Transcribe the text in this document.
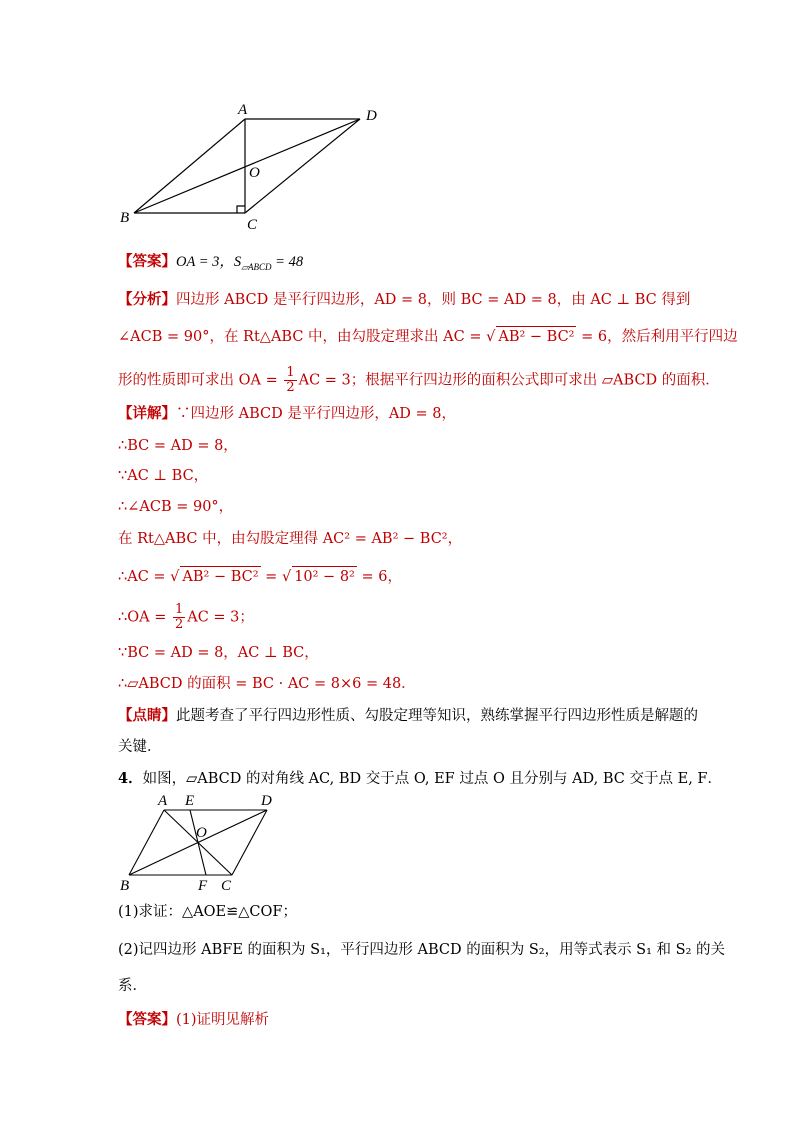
A	D
O
B	C
【答案】OA = 3，$S_{▱ABCD} = 48$
【分析】四边形 ABCD 是平行四边形，AD = 8，则 BC = AD = 8，由 AC ⊥ BC 得到
∠ACB = 90°，在 Rt△ABC 中，由勾股定理求出 AC = √ AB² − BC² = 6，然后利用平行四边
形的性质即可求出 OA = $\frac{1}{2}$ AC = 3；根据平行四边形的面积公式即可求出 ▱ABCD 的面积．
【详解】∵四边形 ABCD 是平行四边形，AD = 8，
∴BC = AD = 8，
∵AC ⊥ BC，
∴∠ACB = 90°，
在 Rt△ABC 中，由勾股定理得 AC² = AB² − BC²，
∴AC = √ AB² − BC² = √ 10² − 8² = 6，
∴OA = $\frac{1}{2}$ AC = 3；
∵BC = AD = 8，AC ⊥ BC，
∴▱ABCD 的面积 = BC · AC = 8×6 = 48．
【点睛】此题考查了平行四边形性质、勾股定理等知识，熟练掌握平行四边形性质是解题的
关键．
4．如图，▱ABCD 的对角线 AC, BD 交于点 O, EF 过点 O 且分别与 AD, BC 交于点 E, F．
A E	D
O
B	F C
(1)求证：△AOE≌△COF；
(2)记四边形 ABFE 的面积为 S₁，平行四边形 ABCD 的面积为 S₂，用等式表示 S₁ 和 S₂ 的关
系．
【答案】(1)证明见解析
